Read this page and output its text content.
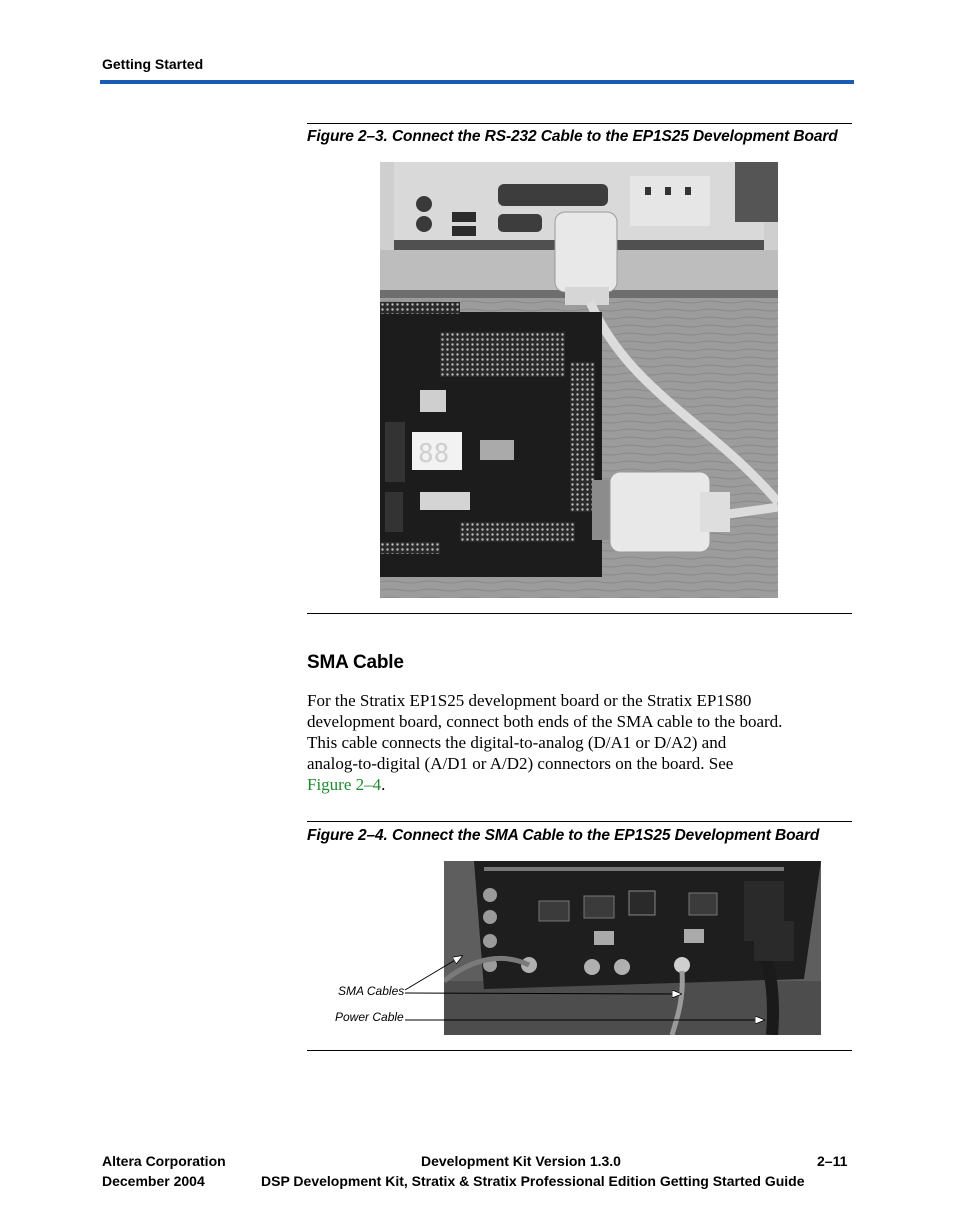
Getting Started
Figure 2–3. Connect the RS-232 Cable to the EP1S25 Development Board
88
SMA Cable
For the Stratix EP1S25 development board or the Stratix EP1S80
development board, connect both ends of the SMA cable to the board.
This cable connects the digital-to-analog (D/A1 or D/A2) and
analog-to-digital (A/D1 or A/D2) connectors on the board. See
Figure 2–4.
Figure 2–4. Connect the SMA Cable to the EP1S25 Development Board
SMA Cables
Power Cable
Altera Corporation
December 2004
Development Kit Version 1.3.0	2–11
DSP Development Kit, Stratix & Stratix Professional Edition Getting Started Guide
